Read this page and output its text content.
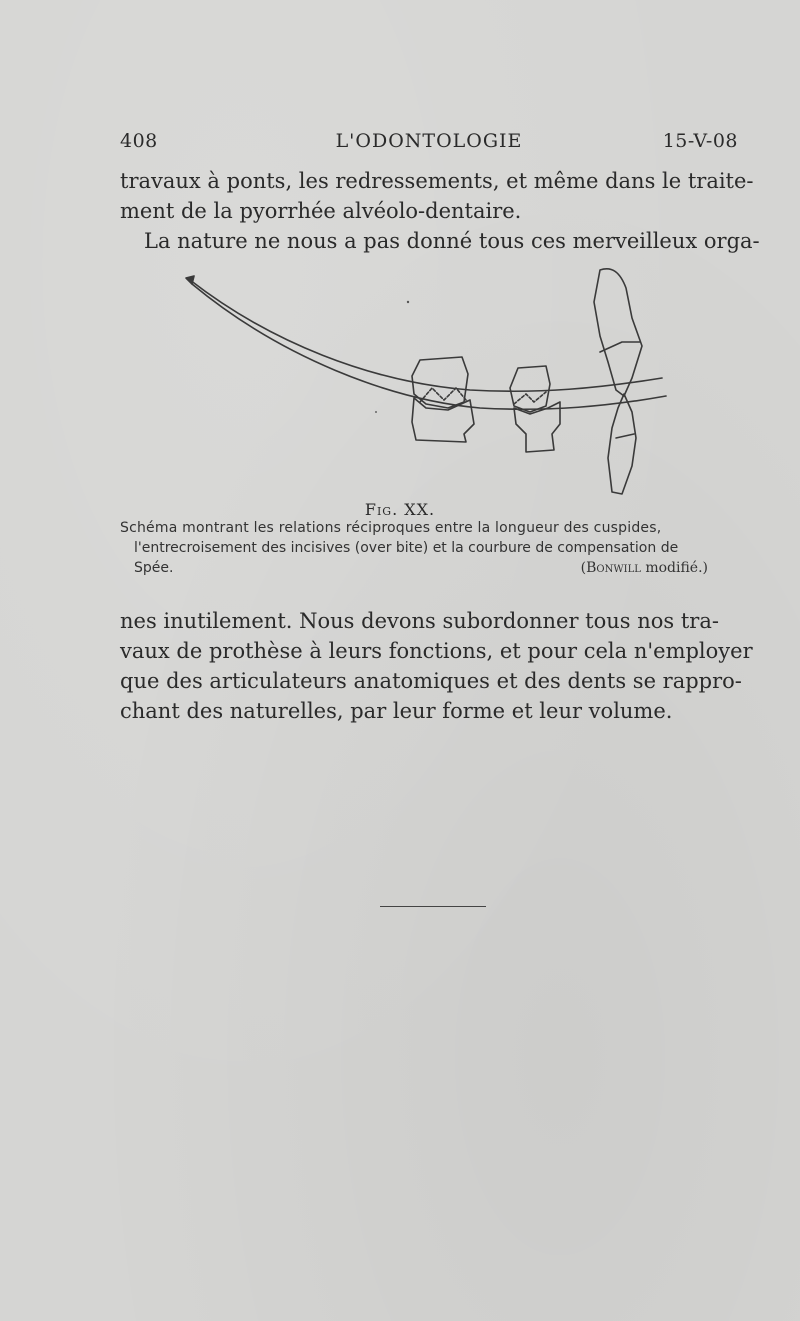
408	L'ODONTOLOGIE	15-V-08

travaux à ponts, les redressements, et même dans le traite-
ment de la pyorrhée alvéolo-dentaire.
La nature ne nous a pas donné tous ces merveilleux orga-

Fig. XX.
Schéma montrant les relations réciproques entre la longueur des cuspides,
l'entrecroisement des incisives (over bite) et la courbure de compensation de
Spée.	(Bonwill modifié.)
nes inutilement. Nous devons subordonner tous nos tra-
vaux de prothèse à leurs fonctions, et pour cela n'employer
que des articulateurs anatomiques et des dents se rappro-
chant des naturelles, par leur forme et leur volume.
